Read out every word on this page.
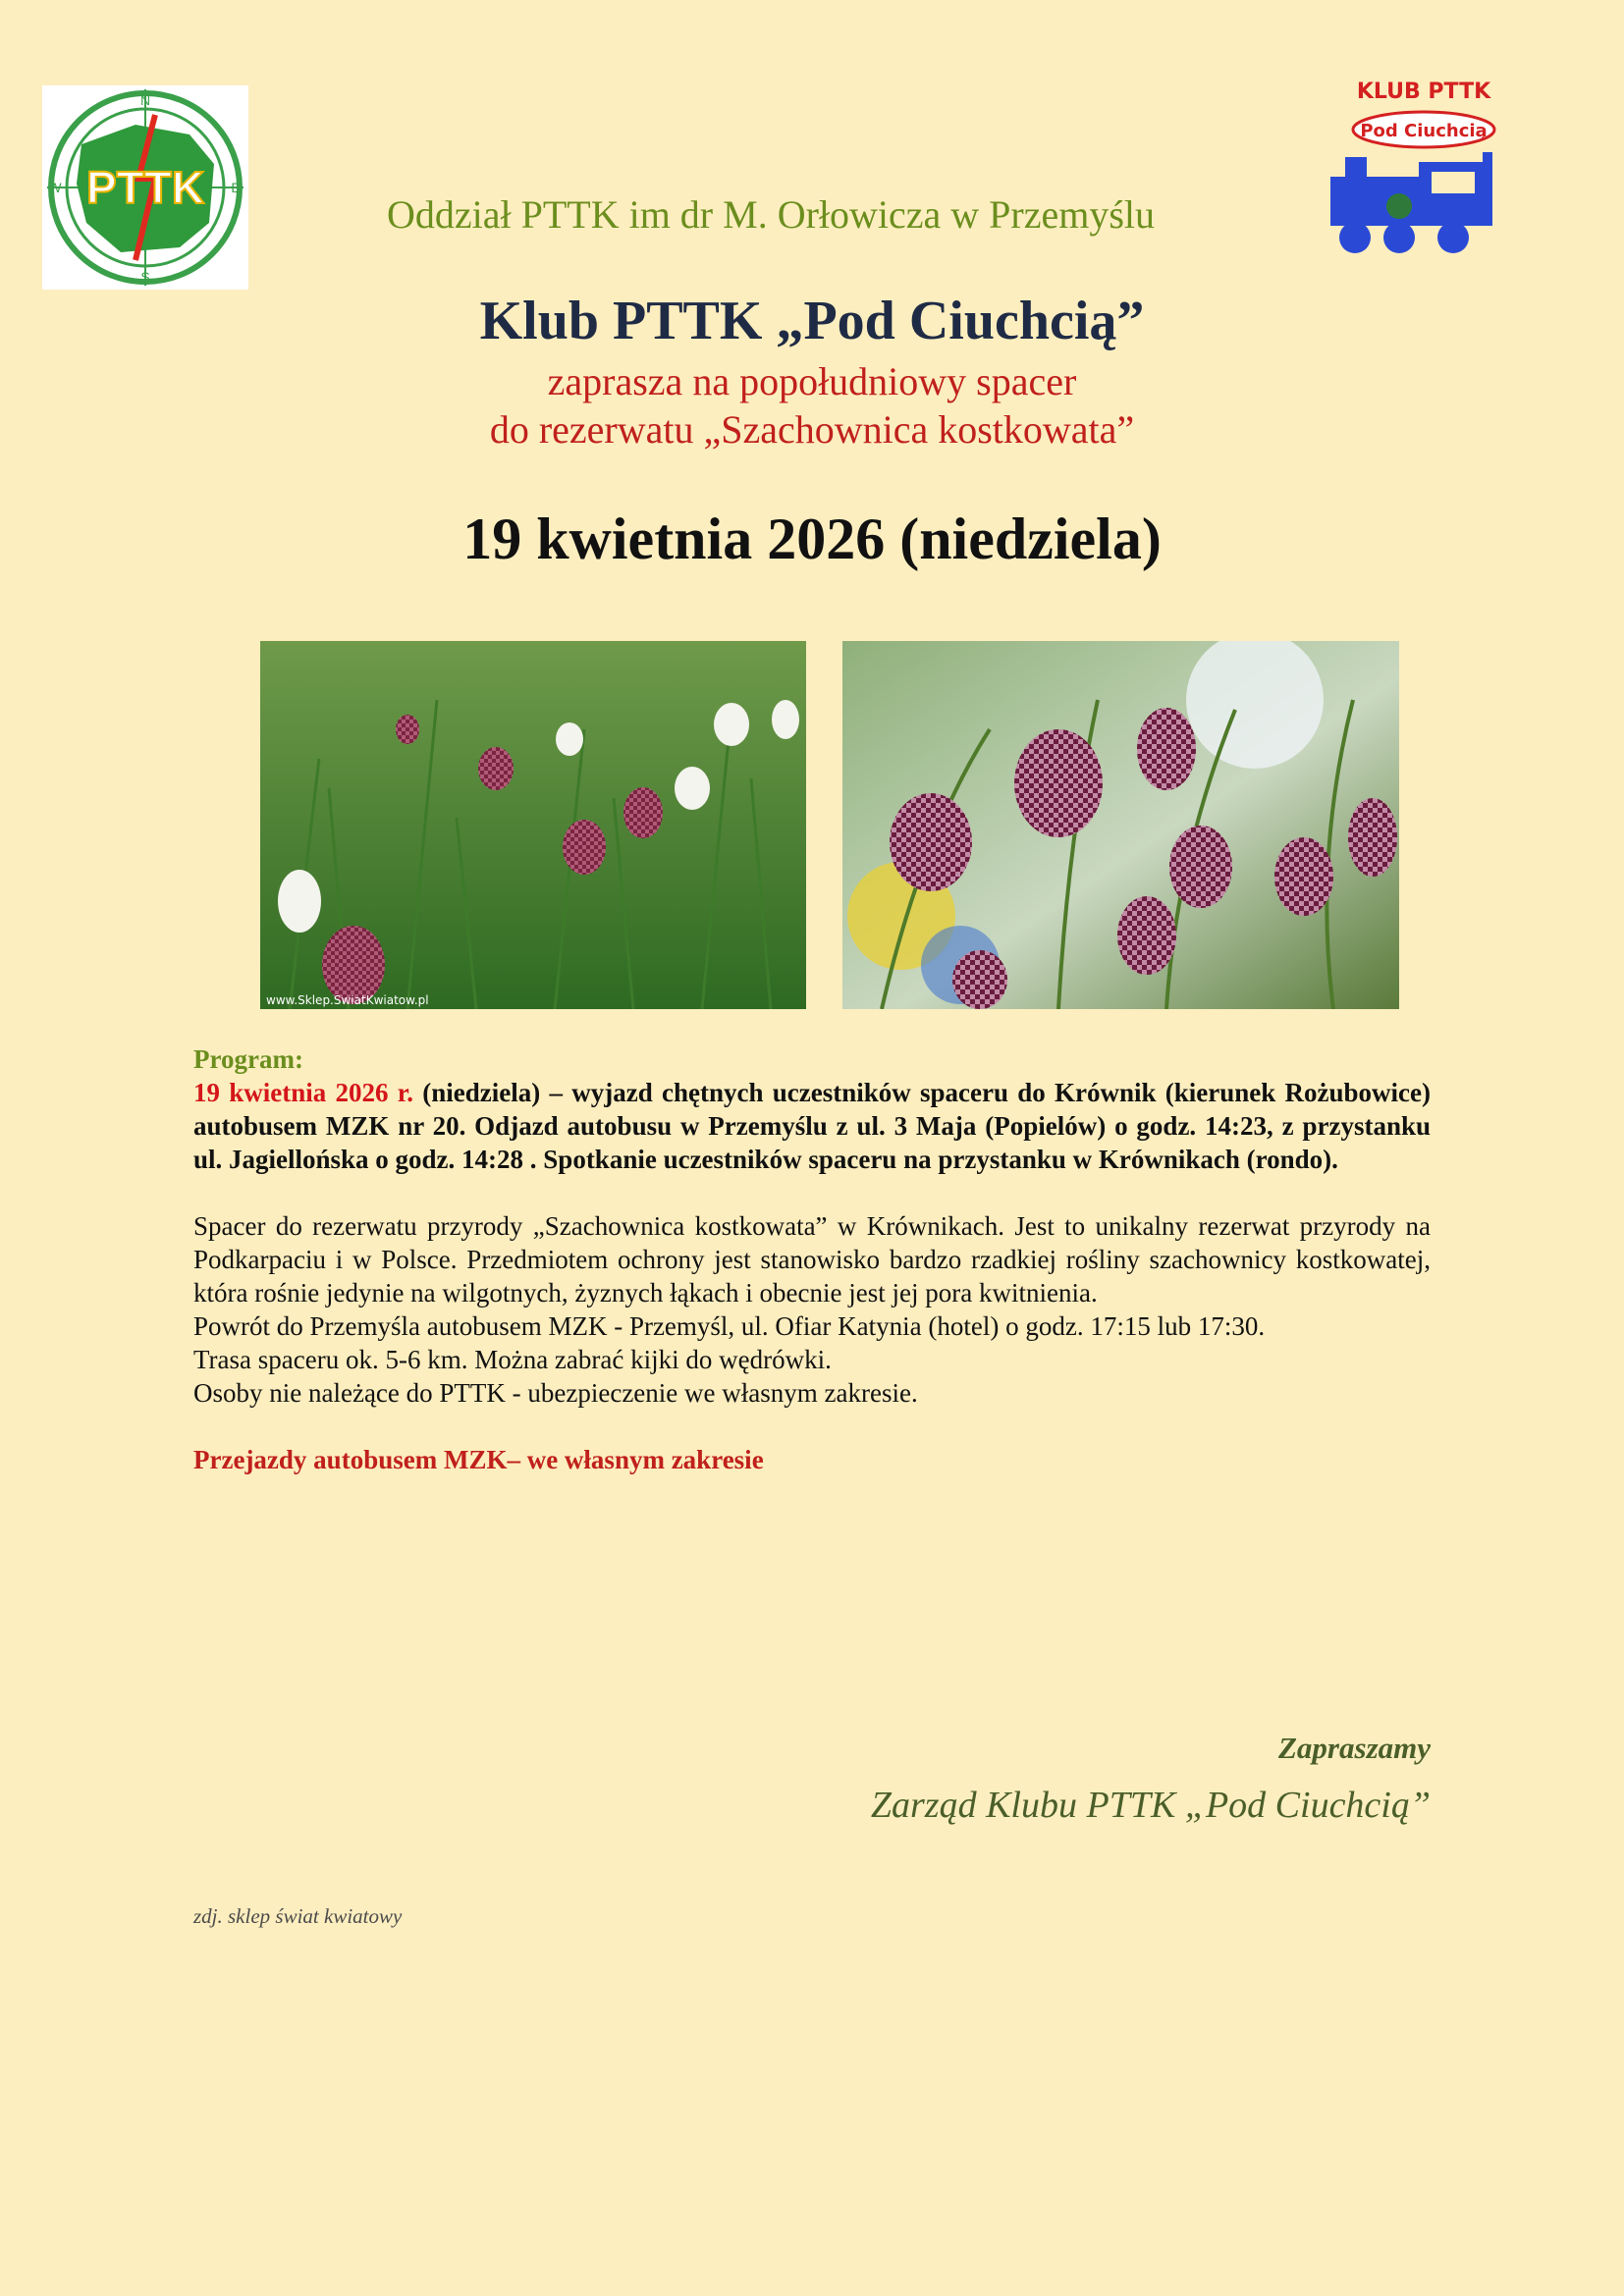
N
E
S
W PTTK
KLUB PTTK
Pod Ciuchcią
Oddział PTTK im dr M. Orłowicza w Przemyślu
Klub PTTK „Pod Ciuchcią”
zaprasza na popołudniowy spacer
do rezerwatu „Szachownica kostkowata”
19 kwietnia 2026 (niedziela)
www.Sklep.SwiatKwiatow.pl

Program:

19 kwietnia 2026 r. (niedziela) – wyjazd chętnych uczestników spaceru do Krównik (kierunek Rożubowice) autobusem MZK nr 20. Odjazd autobusu w Przemyślu z ul. 3 Maja (Popielów) o godz. 14:23, z przystanku ul. Jagiellońska o godz. 14:28 . Spotkanie uczestników spaceru na przystanku w Krównikach (rondo).

Spacer do rezerwatu przyrody „Szachownica kostkowata” w Krównikach. Jest to unikalny rezerwat przyrody na Podkarpaciu i w Polsce. Przedmiotem ochrony jest stanowisko bardzo rzadkiej rośliny szachownicy kostkowatej, która rośnie jedynie na wilgotnych, żyznych łąkach i obecnie jest jej pora kwitnienia.

Powrót do Przemyśla autobusem MZK - Przemyśl, ul. Ofiar Katynia (hotel) o godz. 17:15 lub 17:30.

Trasa spaceru ok. 5-6 km. Można zabrać kijki do wędrówki.

Osoby nie należące do PTTK - ubezpieczenie we własnym zakresie.

Przejazdy autobusem MZK– we własnym zakresie

Zapraszamy
Zarząd Klubu PTTK „Pod Ciuchcią”
zdj. sklep świat kwiatowy
